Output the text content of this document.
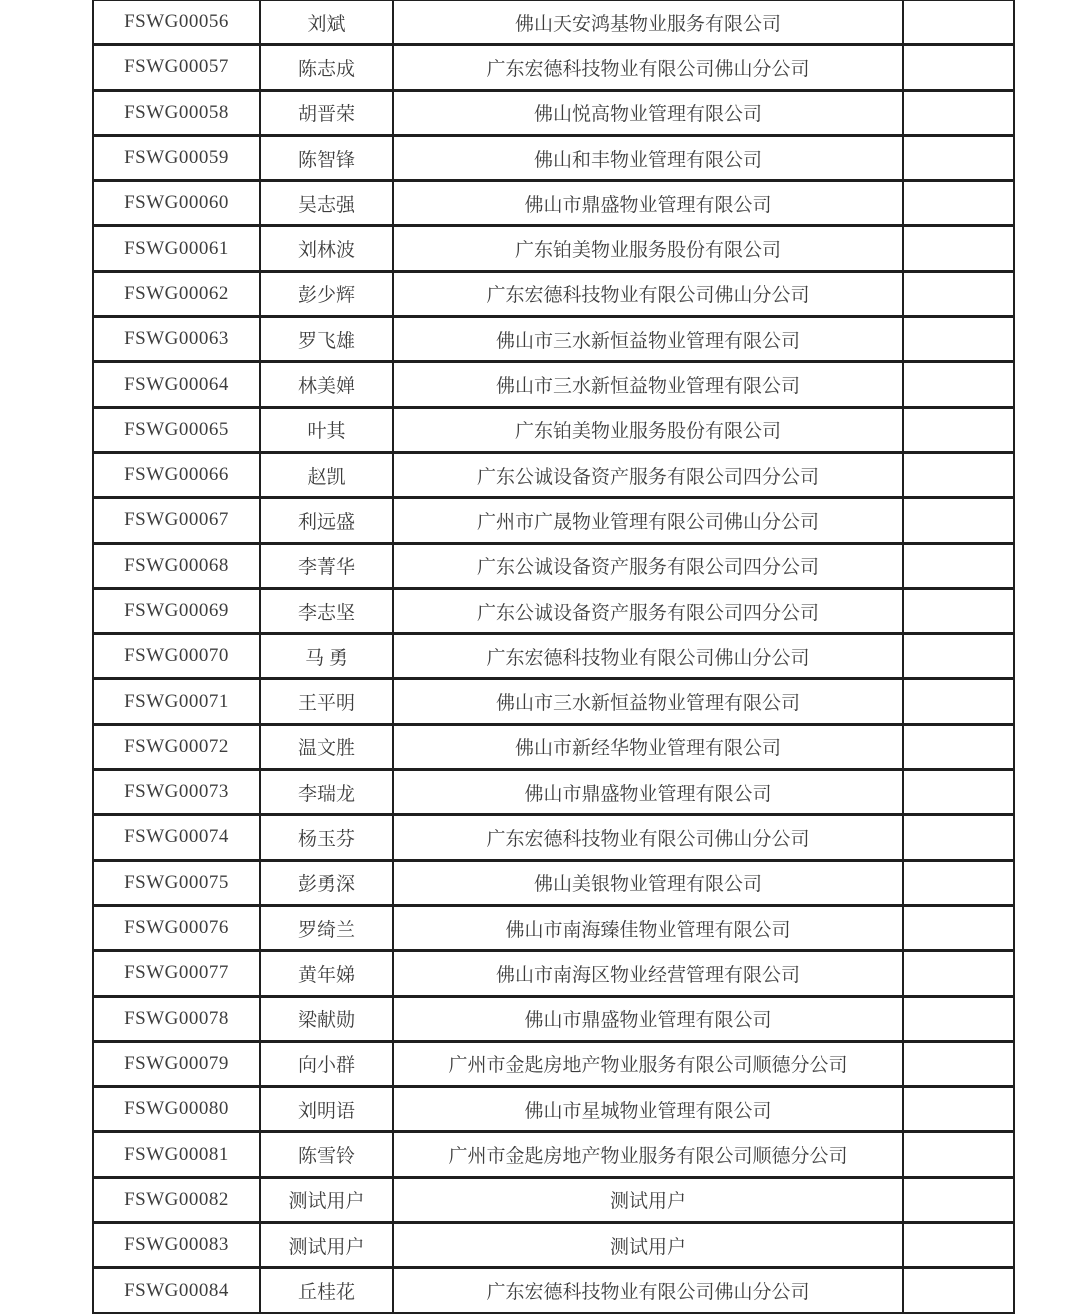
FSWG00056	刘斌	佛山天安鸿基物业服务有限公司	
FSWG00057	陈志成	广东宏德科技物业有限公司佛山分公司	
FSWG00058	胡晋荣	佛山悦高物业管理有限公司	
FSWG00059	陈智锋	佛山和丰物业管理有限公司	
FSWG00060	吴志强	佛山市鼎盛物业管理有限公司	
FSWG00061	刘林波	广东铂美物业服务股份有限公司	
FSWG00062	彭少辉	广东宏德科技物业有限公司佛山分公司	
FSWG00063	罗飞雄	佛山市三水新恒益物业管理有限公司	
FSWG00064	林美婵	佛山市三水新恒益物业管理有限公司	
FSWG00065	叶其	广东铂美物业服务股份有限公司	
FSWG00066	赵凯	广东公诚设备资产服务有限公司四分公司	
FSWG00067	利远盛	广州市广晟物业管理有限公司佛山分公司	
FSWG00068	李菁华	广东公诚设备资产服务有限公司四分公司	
FSWG00069	李志坚	广东公诚设备资产服务有限公司四分公司	
FSWG00070	马 勇	广东宏德科技物业有限公司佛山分公司	
FSWG00071	王平明	佛山市三水新恒益物业管理有限公司	
FSWG00072	温文胜	佛山市新经华物业管理有限公司	
FSWG00073	李瑞龙	佛山市鼎盛物业管理有限公司	
FSWG00074	杨玉芬	广东宏德科技物业有限公司佛山分公司	
FSWG00075	彭勇深	佛山美银物业管理有限公司	
FSWG00076	罗绮兰	佛山市南海臻佳物业管理有限公司	
FSWG00077	黄年娣	佛山市南海区物业经营管理有限公司	
FSWG00078	梁献勋	佛山市鼎盛物业管理有限公司	
FSWG00079	向小群	广州市金匙房地产物业服务有限公司顺德分公司	
FSWG00080	刘明语	佛山市星城物业管理有限公司	
FSWG00081	陈雪铃	广州市金匙房地产物业服务有限公司顺德分公司	
FSWG00082	测试用户	测试用户	
FSWG00083	测试用户	测试用户	
FSWG00084	丘桂花	广东宏德科技物业有限公司佛山分公司	
